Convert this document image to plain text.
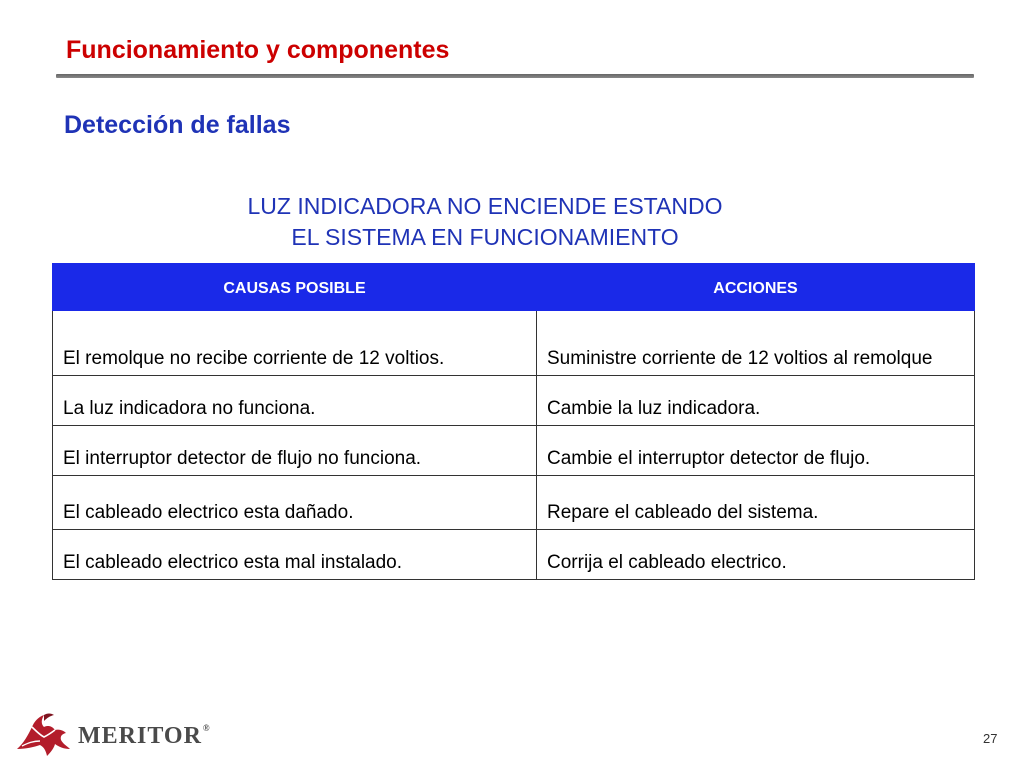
Funcionamiento y componentes
Detección de fallas
LUZ INDICADORA NO ENCIENDE ESTANDO
EL SISTEMA EN FUNCIONAMIENTO
CAUSAS POSIBLE	ACCIONES
El remolque no recibe corriente de 12 voltios.	Suministre corriente de 12 voltios al remolque
La luz indicadora no funciona.	Cambie la luz indicadora.
El interruptor detector de flujo no funciona.	Cambie el interruptor detector de flujo.
El cableado electrico esta dañado.	Repare el cableado del sistema.
El cableado electrico esta mal instalado.	Corrija el cableado electrico.
MERITOR®
27
